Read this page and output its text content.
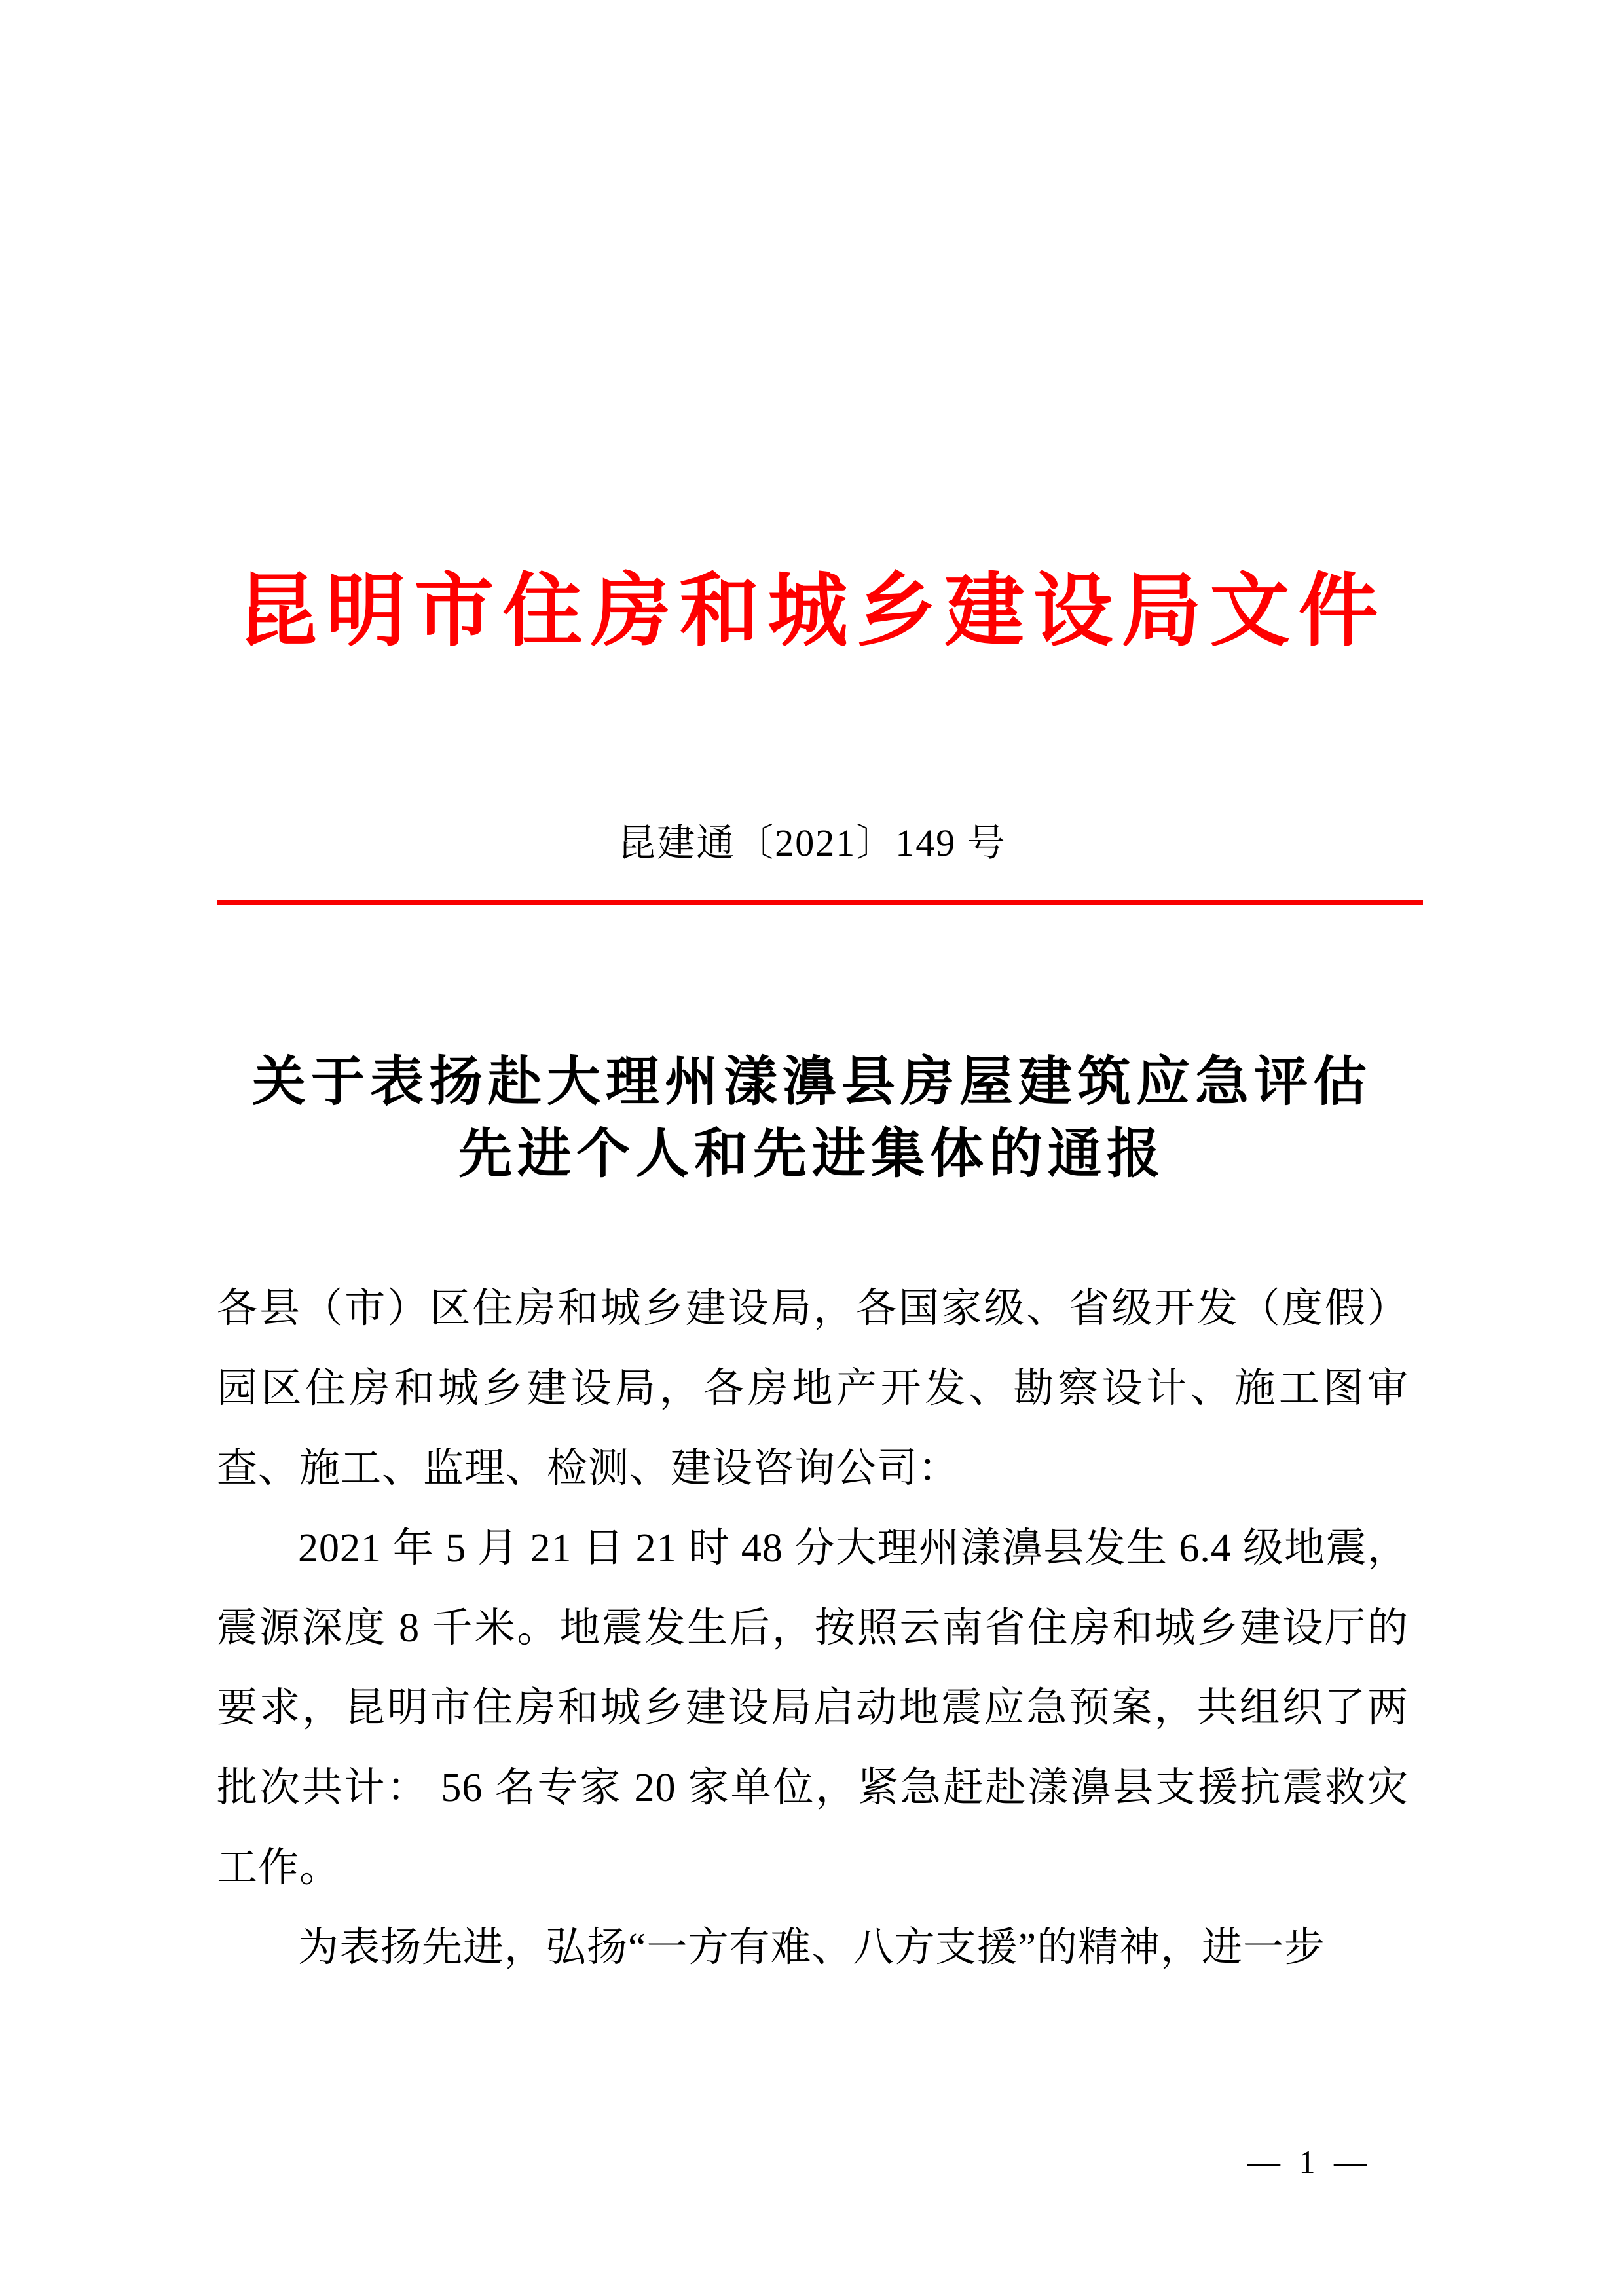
昆明市住房和城乡建设局文件
昆建通〔2021〕149 号
关于表扬赴大理州漾濞县房屋建筑应急评估
先进个人和先进集体的通报

各县（市）区住房和城乡建设局，各国家级、省级开发（度假）园区住房和城乡建设局，各房地产开发、勘察设计、施工图审查、施工、监理、检测、建设咨询公司：

2021 年 5 月 21 日 21 时 48 分大理州漾濞县发生 6.4 级地震，震源深度 8 千米。地震发生后，按照云南省住房和城乡建设厅的要求，昆明市住房和城乡建设局启动地震应急预案，共组织了两批次共计： 56 名专家 20 家单位，紧急赶赴漾濞县支援抗震救灾工作。

为表扬先进，弘扬“一方有难、八方支援”的精神，进一步

— 1 —
